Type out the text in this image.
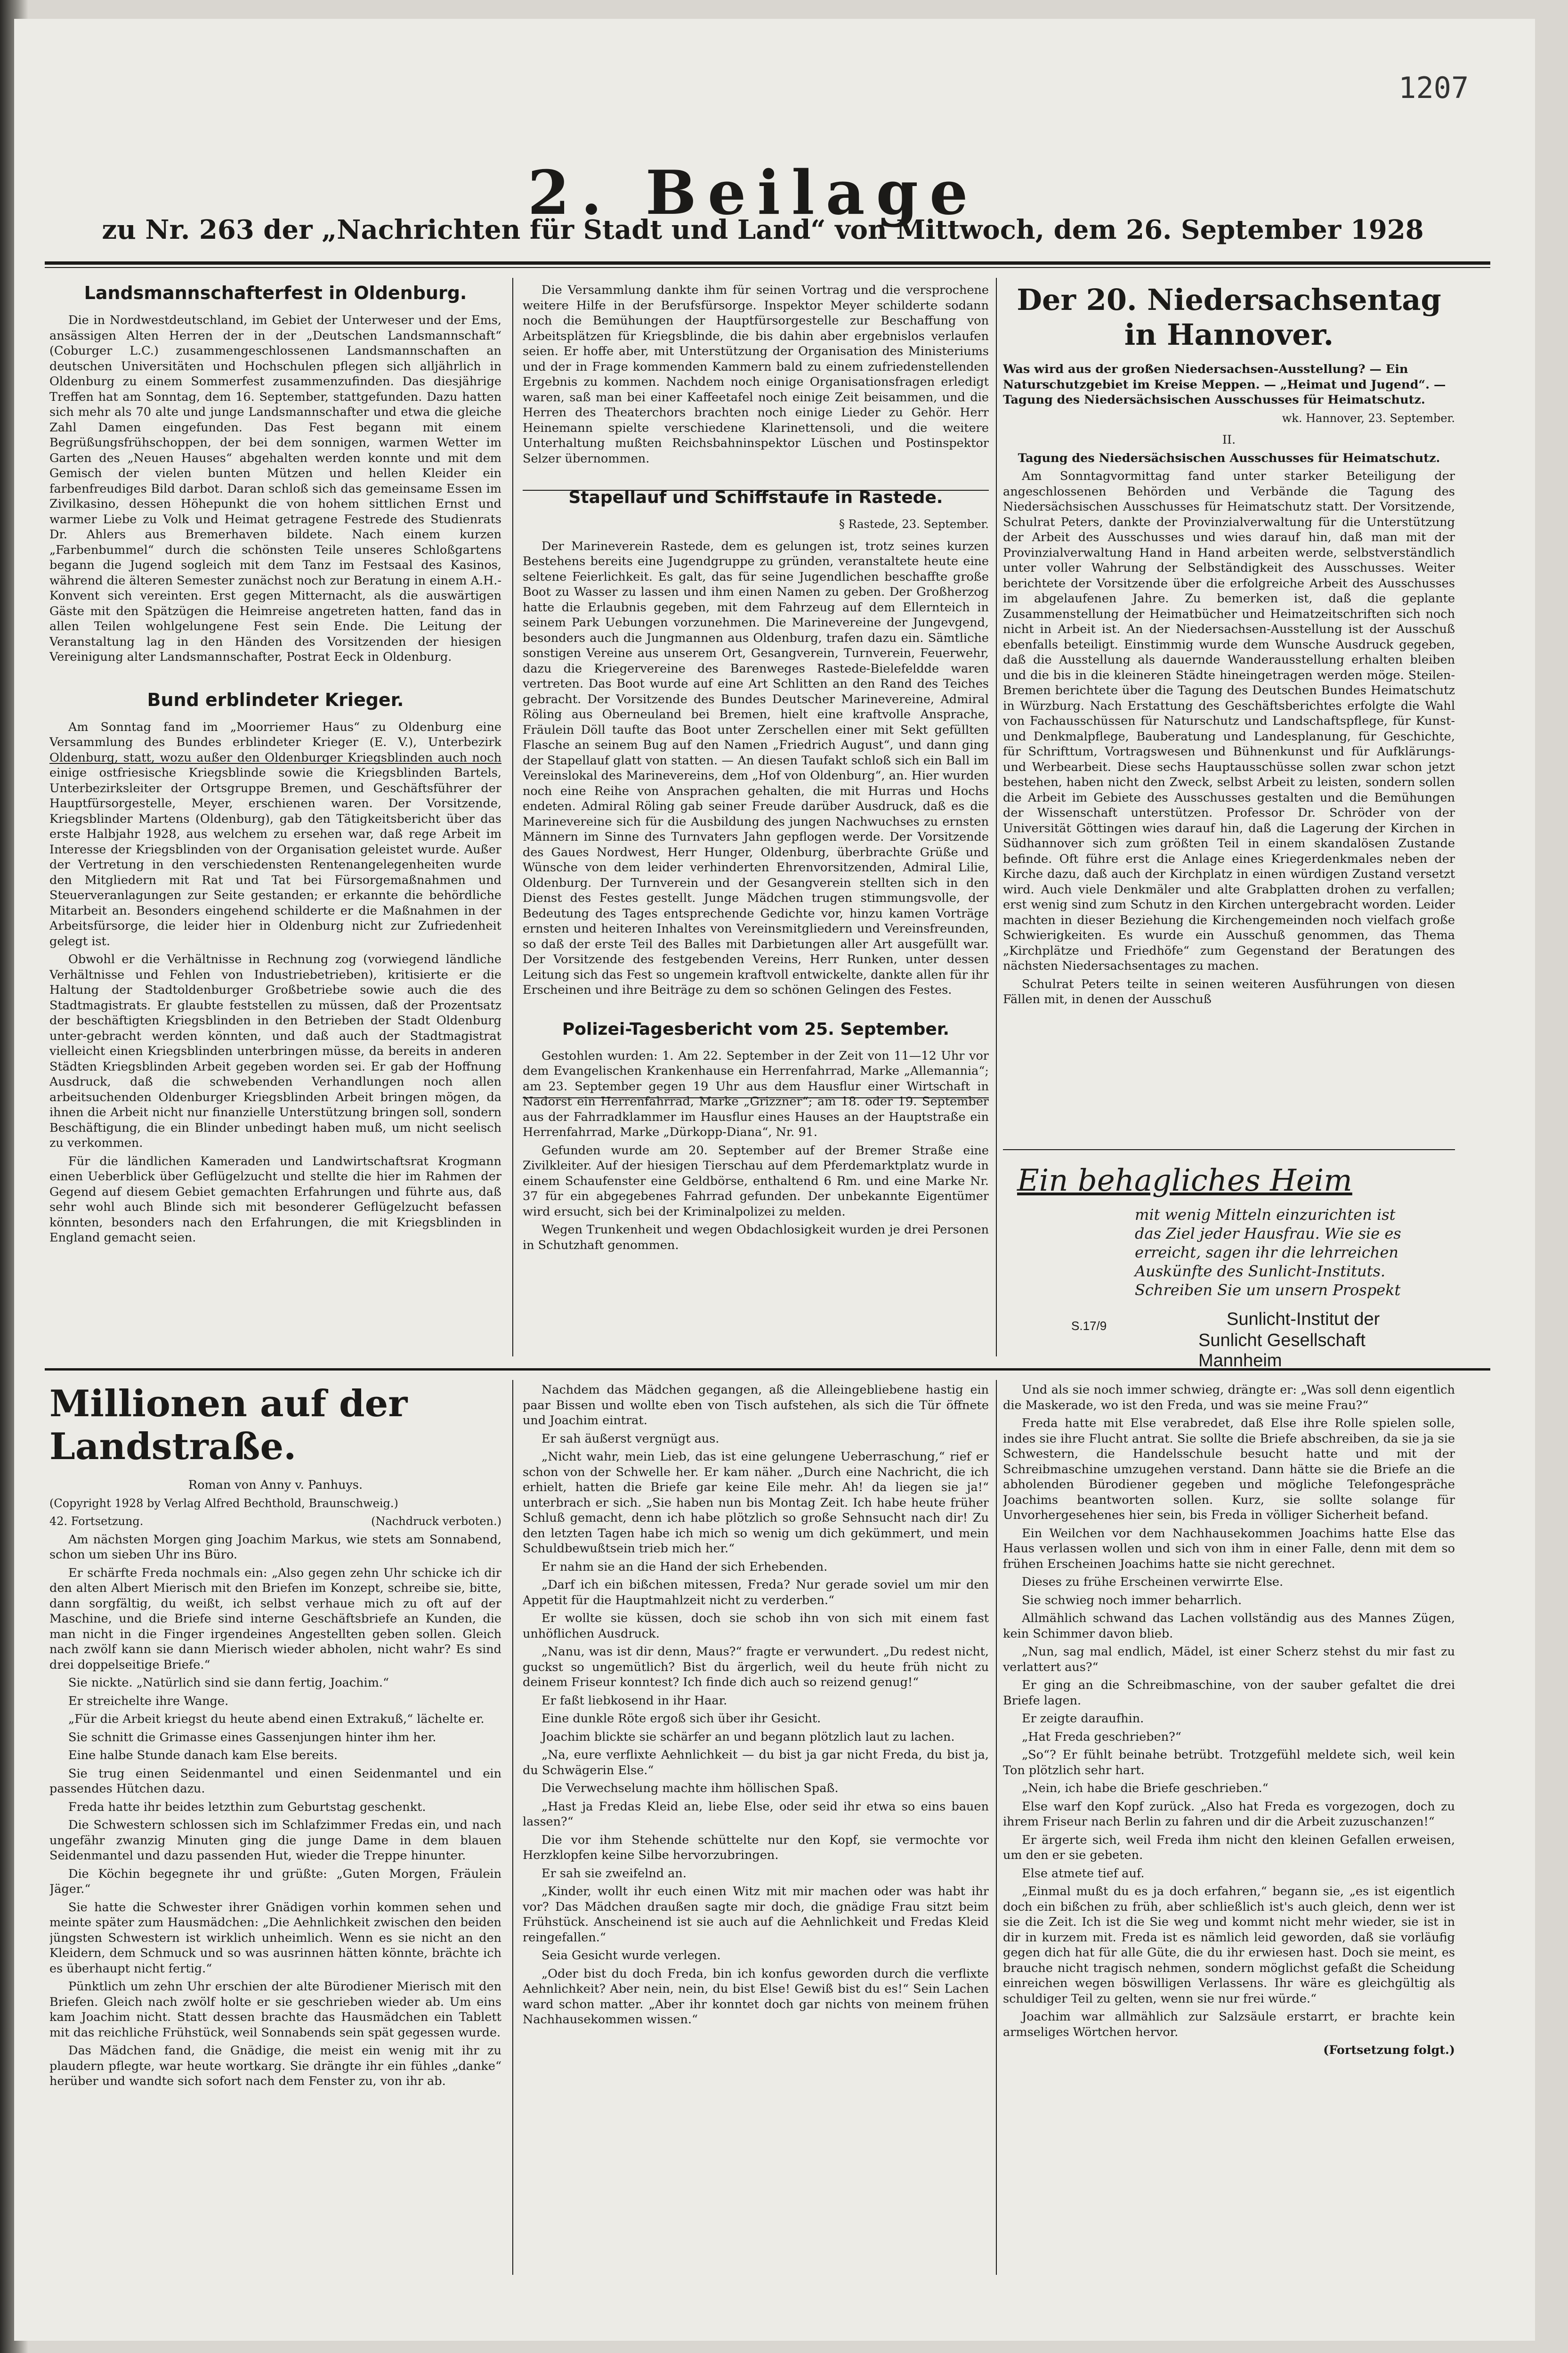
1207
2. Beilage
zu Nr. 263 der „Nachrichten für Stadt und Land“ von Mittwoch, dem 26. September 1928
Landsmannschafterfest in Oldenburg.

Die in Nordwestdeutschland, im Gebiet der Unterweser und der Ems, ansässigen Alten Herren der in der „Deutschen Landsmannschaft“ (Coburger L.C.) zusammengeschlossenen Landsmannschaften an deutschen Universitäten und Hochschulen pflegen sich alljährlich in Oldenburg zu einem Sommerfest zusammenzufinden. Das diesjährige Treffen hat am Sonntag, dem 16. September, stattgefunden. Dazu hatten sich mehr als 70 alte und junge Landsmannschafter und etwa die gleiche Zahl Damen eingefunden. Das Fest begann mit einem Begrüßungsfrühschoppen, der bei dem sonnigen, warmen Wetter im Garten des „Neuen Hauses“ abgehalten werden konnte und mit dem Gemisch der vielen bunten Mützen und hellen Kleider ein farbenfreudiges Bild darbot. Daran schloß sich das gemeinsame Essen im Zivilkasino, dessen Höhepunkt die von hohem sittlichen Ernst und warmer Liebe zu Volk und Heimat getragene Festrede des Studienrats Dr. Ahlers aus Bremerhaven bildete. Nach einem kurzen „Farbenbummel“ durch die schönsten Teile unseres Schloßgartens begann die Jugend sogleich mit dem Tanz im Festsaal des Kasinos, während die älteren Semester zunächst noch zur Beratung in einem A.H.-Konvent sich vereinten. Erst gegen Mitternacht, als die auswärtigen Gäste mit den Spätzügen die Heimreise angetreten hatten, fand das in allen Teilen wohlgelungene Fest sein Ende. Die Leitung der Veranstaltung lag in den Händen des Vorsitzenden der hiesigen Vereinigung alter Landsmannschafter, Postrat Eeck in Oldenburg.

Bund erblindeter Krieger.

Am Sonntag fand im „Moorriemer Haus“ zu Oldenburg eine Versammlung des Bundes erblindeter Krieger (E. V.), Unterbezirk Oldenburg, statt, wozu außer den Oldenburger Kriegsblinden auch noch einige ostfriesische Kriegsblinde sowie die Kriegsblinden Bartels, Unterbezirksleiter der Ortsgruppe Bremen, und Geschäftsführer der Hauptfürsorgestelle, Meyer, erschienen waren. Der Vorsitzende, Kriegsblinder Martens (Oldenburg), gab den Tätigkeitsbericht über das erste Halbjahr 1928, aus welchem zu ersehen war, daß rege Arbeit im Interesse der Kriegsblinden von der Organisation geleistet wurde. Außer der Vertretung in den verschiedensten Rentenangelegenheiten wurde den Mitgliedern mit Rat und Tat bei Fürsorgemaßnahmen und Steuerveranlagungen zur Seite gestanden; er erkannte die behördliche Mitarbeit an. Besonders eingehend schilderte er die Maßnahmen in der Arbeitsfürsorge, die leider hier in Oldenburg nicht zur Zufriedenheit gelegt ist.

Obwohl er die Verhältnisse in Rechnung zog (vorwiegend ländliche Verhältnisse und Fehlen von Industriebetrieben), kritisierte er die Haltung der Stadtoldenburger Großbetriebe sowie auch die des Stadtmagistrats. Er glaubte feststellen zu müssen, daß der Prozentsatz der beschäftigten Kriegsblinden in den Betrieben der Stadt Oldenburg unter-gebracht werden könnten, und daß auch der Stadtmagistrat vielleicht einen Kriegsblinden unterbringen müsse, da bereits in anderen Städten Kriegsblinden Arbeit gegeben worden sei. Er gab der Hoffnung Ausdruck, daß die schwebenden Verhandlungen noch allen arbeitsuchenden Oldenburger Kriegsblinden Arbeit bringen mögen, da ihnen die Arbeit nicht nur finanzielle Unterstützung bringen soll, sondern Beschäftigung, die ein Blinder unbedingt haben muß, um nicht seelisch zu verkommen.

Für die ländlichen Kameraden und Landwirtschaftsrat Krogmann einen Ueberblick über Geflügelzucht und stellte die hier im Rahmen der Gegend auf diesem Gebiet gemachten Erfahrungen und führte aus, daß sehr wohl auch Blinde sich mit besonderer Geflügelzucht befassen könnten, besonders nach den Erfahrungen, die mit Kriegsblinden in England gemacht seien.

Die Versammlung dankte ihm für seinen Vortrag und die versprochene weitere Hilfe in der Berufsfürsorge. Inspektor Meyer schilderte sodann noch die Bemühungen der Hauptfürsorgestelle zur Beschaffung von Arbeitsplätzen für Kriegsblinde, die bis dahin aber ergebnislos verlaufen seien. Er hoffe aber, mit Unterstützung der Organisation des Ministeriums und der in Frage kommenden Kammern bald zu einem zufriedenstellenden Ergebnis zu kommen. Nachdem noch einige Organisationsfragen erledigt waren, saß man bei einer Kaffeetafel noch einige Zeit beisammen, und die Herren des Theaterchors brachten noch einige Lieder zu Gehör. Herr Heinemann spielte verschiedene Klarinettensoli, und die weitere Unterhaltung mußten Reichsbahninspektor Lüschen und Postinspektor Selzer übernommen.

Stapellauf und Schiffstaufe in Rastede.

§ Rastede, 23. September.

Der Marineverein Rastede, dem es gelungen ist, trotz seines kurzen Bestehens bereits eine Jugendgruppe zu gründen, veranstaltete heute eine seltene Feierlichkeit. Es galt, das für seine Jugendlichen beschaffte große Boot zu Wasser zu lassen und ihm einen Namen zu geben. Der Großherzog hatte die Erlaubnis gegeben, mit dem Fahrzeug auf dem Ellernteich in seinem Park Uebungen vorzunehmen. Die Marinevereine der Jungevgend, besonders auch die Jungmannen aus Oldenburg, trafen dazu ein. Sämtliche sonstigen Vereine aus unserem Ort, Gesangverein, Turnverein, Feuerwehr, dazu die Kriegervereine des Barenweges Rastede-Bielefeldde waren vertreten. Das Boot wurde auf eine Art Schlitten an den Rand des Teiches gebracht. Der Vorsitzende des Bundes Deutscher Marinevereine, Admiral Röling aus Oberneuland bei Bremen, hielt eine kraftvolle Ansprache, Fräulein Döll taufte das Boot unter Zerschellen einer mit Sekt gefüllten Flasche an seinem Bug auf den Namen „Friedrich August“, und dann ging der Stapellauf glatt von statten. — An diesen Taufakt schloß sich ein Ball im Vereinslokal des Marinevereins, dem „Hof von Oldenburg“, an. Hier wurden noch eine Reihe von Ansprachen gehalten, die mit Hurras und Hochs endeten. Admiral Röling gab seiner Freude darüber Ausdruck, daß es die Marinevereine sich für die Ausbildung des jungen Nachwuchses zu ernsten Männern im Sinne des Turnvaters Jahn gepflogen werde. Der Vorsitzende des Gaues Nordwest, Herr Hunger, Oldenburg, überbrachte Grüße und Wünsche von dem leider verhinderten Ehrenvorsitzenden, Admiral Lilie, Oldenburg. Der Turnverein und der Gesangverein stellten sich in den Dienst des Festes gestellt. Junge Mädchen trugen stimmungsvolle, der Bedeutung des Tages entsprechende Gedichte vor, hinzu kamen Vorträge ernsten und heiteren Inhaltes von Vereinsmitgliedern und Vereinsfreunden, so daß der erste Teil des Balles mit Darbietungen aller Art ausgefüllt war. Der Vorsitzende des festgebenden Vereins, Herr Runken, unter dessen Leitung sich das Fest so ungemein kraftvoll entwickelte, dankte allen für ihr Erscheinen und ihre Beiträge zu dem so schönen Gelingen des Festes.

Polizei-Tagesbericht vom 25. September.

Gestohlen wurden: 1. Am 22. September in der Zeit von 11—12 Uhr vor dem Evangelischen Krankenhause ein Herrenfahrrad, Marke „Allemannia“; am 23. September gegen 19 Uhr aus dem Hausflur einer Wirtschaft in Nadorst ein Herrenfahrrad, Marke „Grizzner“; am 18. oder 19. September aus der Fahrradklammer im Hausflur eines Hauses an der Hauptstraße ein Herrenfahrrad, Marke „Dürkopp-Diana“, Nr. 91.

Gefunden wurde am 20. September auf der Bremer Straße eine Zivilkleiter. Auf der hiesigen Tierschau auf dem Pferdemarktplatz wurde in einem Schaufenster eine Geldbörse, enthaltend 6 Rm. und eine Marke Nr. 37 für ein abgegebenes Fahrrad gefunden. Der unbekannte Eigentümer wird ersucht, sich bei der Kriminalpolizei zu melden.

Wegen Trunkenheit und wegen Obdachlosigkeit wurden je drei Personen in Schutzhaft genommen.

Der 20. Niedersachsentag in Hannover.

Was wird aus der großen Niedersachsen-Ausstellung? — Ein Naturschutzgebiet im Kreise Meppen. — „Heimat und Jugend“. — Tagung des Niedersächsischen Ausschusses für Heimatschutz.

wk. Hannover, 23. September.

II.

Tagung des Niedersächsischen Ausschusses für Heimatschutz.

Am Sonntagvormittag fand unter starker Beteiligung der angeschlossenen Behörden und Verbände die Tagung des Niedersächsischen Ausschusses für Heimatschutz statt. Der Vorsitzende, Schulrat Peters, dankte der Provinzialverwaltung für die Unterstützung der Arbeit des Ausschusses und wies darauf hin, daß man mit der Provinzialverwaltung Hand in Hand arbeiten werde, selbstverständlich unter voller Wahrung der Selbständigkeit des Ausschusses. Weiter berichtete der Vorsitzende über die erfolgreiche Arbeit des Ausschusses im abgelaufenen Jahre. Zu bemerken ist, daß die geplante Zusammenstellung der Heimatbücher und Heimatzeitschriften sich noch nicht in Arbeit ist. An der Niedersachsen-Ausstellung ist der Ausschuß ebenfalls beteiligt. Einstimmig wurde dem Wunsche Ausdruck gegeben, daß die Ausstellung als dauernde Wanderausstellung erhalten bleiben und die bis in die kleineren Städte hineingetragen werden möge. Steilen-Bremen berichtete über die Tagung des Deutschen Bundes Heimatschutz in Würzburg. Nach Erstattung des Geschäftsberichtes erfolgte die Wahl von Fachausschüssen für Naturschutz und Landschaftspflege, für Kunst- und Denkmalpflege, Bauberatung und Landesplanung, für Geschichte, für Schrifttum, Vortragswesen und Bühnenkunst und für Aufklärungs- und Werbearbeit. Diese sechs Hauptausschüsse sollen zwar schon jetzt bestehen, haben nicht den Zweck, selbst Arbeit zu leisten, sondern sollen die Arbeit im Gebiete des Ausschusses gestalten und die Bemühungen der Wissenschaft unterstützen. Professor Dr. Schröder von der Universität Göttingen wies darauf hin, daß die Lagerung der Kirchen in Südhannover sich zum größten Teil in einem skandalösen Zustande befinde. Oft führe erst die Anlage eines Kriegerdenkmales neben der Kirche dazu, daß auch der Kirchplatz in einen würdigen Zustand versetzt wird. Auch viele Denkmäler und alte Grabplatten drohen zu verfallen; erst wenig sind zum Schutz in den Kirchen untergebracht worden. Leider machten in dieser Beziehung die Kirchengemeinden noch vielfach große Schwierigkeiten. Es wurde ein Ausschuß genommen, das Thema „Kirchplätze und Friedhöfe“ zum Gegenstand der Beratungen des nächsten Niedersachsentages zu machen.

Schulrat Peters teilte in seinen weiteren Ausführungen von diesen Fällen mit, in denen der Ausschuß

Ein behagliches Heim
mit wenig Mitteln einzurichten ist
das Ziel jeder Hausfrau. Wie sie es
erreicht, sagen ihr die lehrreichen
Auskünfte des Sunlicht-Instituts.
Schreiben Sie um unsern Prospekt
S.17/9	Sunlicht-Institut der
Sunlicht Gesellschaft Mannheim
Millionen auf der Landstraße.

Roman von Anny v. Panhuys.

(Copyright 1928 by Verlag Alfred Bechthold, Braunschweig.)

42. Fortsetzung.	(Nachdruck verboten.)

Am nächsten Morgen ging Joachim Markus, wie stets am Sonnabend, schon um sieben Uhr ins Büro.

Er schärfte Freda nochmals ein: „Also gegen zehn Uhr schicke ich dir den alten Albert Mierisch mit den Briefen im Konzept, schreibe sie, bitte, dann sorgfältig, du weißt, ich selbst verhaue mich zu oft auf der Maschine, und die Briefe sind interne Geschäftsbriefe an Kunden, die man nicht in die Finger irgendeines Angestellten geben sollen. Gleich nach zwölf kann sie dann Mierisch wieder abholen, nicht wahr? Es sind drei doppelseitige Briefe.“

Sie nickte. „Natürlich sind sie dann fertig, Joachim.“

Er streichelte ihre Wange.

„Für die Arbeit kriegst du heute abend einen Extrakuß,“ lächelte er.

Sie schnitt die Grimasse eines Gassenjungen hinter ihm her.

Eine halbe Stunde danach kam Else bereits.

Sie trug einen Seidenmantel und einen Seidenmantel und ein passendes Hütchen dazu.

Freda hatte ihr beides letzthin zum Geburtstag geschenkt.

Die Schwestern schlossen sich im Schlafzimmer Fredas ein, und nach ungefähr zwanzig Minuten ging die junge Dame in dem blauen Seidenmantel und dazu passenden Hut, wieder die Treppe hinunter.

Die Köchin begegnete ihr und grüßte: „Guten Morgen, Fräulein Jäger.“

Sie hatte die Schwester ihrer Gnädigen vorhin kommen sehen und meinte später zum Hausmädchen: „Die Aehnlichkeit zwischen den beiden jüngsten Schwestern ist wirklich unheimlich. Wenn es sie nicht an den Kleidern, dem Schmuck und so was ausrinnen hätten könnte, brächte ich es überhaupt nicht fertig.“

Pünktlich um zehn Uhr erschien der alte Bürodiener Mierisch mit den Briefen. Gleich nach zwölf holte er sie geschrieben wieder ab. Um eins kam Joachim nicht. Statt dessen brachte das Hausmädchen ein Tablett mit das reichliche Frühstück, weil Sonnabends sein spät gegessen wurde.

Das Mädchen fand, die Gnädige, die meist ein wenig mit ihr zu plaudern pflegte, war heute wortkarg. Sie drängte ihr ein fühles „danke“ herüber und wandte sich sofort nach dem Fenster zu, von ihr ab.

Nachdem das Mädchen gegangen, aß die Alleingebliebene hastig ein paar Bissen und wollte eben von Tisch aufstehen, als sich die Tür öffnete und Joachim eintrat.

Er sah äußerst vergnügt aus.

„Nicht wahr, mein Lieb, das ist eine gelungene Ueberraschung,“ rief er schon von der Schwelle her. Er kam näher. „Durch eine Nachricht, die ich erhielt, hatten die Briefe gar keine Eile mehr. Ah! da liegen sie ja!“ unterbrach er sich. „Sie haben nun bis Montag Zeit. Ich habe heute früher Schluß gemacht, denn ich habe plötzlich so große Sehnsucht nach dir! Zu den letzten Tagen habe ich mich so wenig um dich gekümmert, und mein Schuldbewußtsein trieb mich her.“

Er nahm sie an die Hand der sich Erhebenden.

„Darf ich ein bißchen mitessen, Freda? Nur gerade soviel um mir den Appetit für die Hauptmahlzeit nicht zu verderben.“

Er wollte sie küssen, doch sie schob ihn von sich mit einem fast unhöflichen Ausdruck.

„Nanu, was ist dir denn, Maus?“ fragte er verwundert. „Du redest nicht, guckst so ungemütlich? Bist du ärgerlich, weil du heute früh nicht zu deinem Friseur konntest? Ich finde dich auch so reizend genug!“

Er faßt liebkosend in ihr Haar.

Eine dunkle Röte ergoß sich über ihr Gesicht.

Joachim blickte sie schärfer an und begann plötzlich laut zu lachen.

„Na, eure verflixte Aehnlichkeit — du bist ja gar nicht Freda, du bist ja, du Schwägerin Else.“

Die Verwechselung machte ihm höllischen Spaß.

„Hast ja Fredas Kleid an, liebe Else, oder seid ihr etwa so eins bauen lassen?“

Die vor ihm Stehende schüttelte nur den Kopf, sie vermochte vor Herzklopfen keine Silbe hervorzubringen.

Er sah sie zweifelnd an.

„Kinder, wollt ihr euch einen Witz mit mir machen oder was habt ihr vor? Das Mädchen draußen sagte mir doch, die gnädige Frau sitzt beim Frühstück. Anscheinend ist sie auch auf die Aehnlichkeit und Fredas Kleid reingefallen.“

Seia Gesicht wurde verlegen.

„Oder bist du doch Freda, bin ich konfus geworden durch die verflixte Aehnlichkeit? Aber nein, nein, du bist Else! Gewiß bist du es!“ Sein Lachen ward schon matter. „Aber ihr konntet doch gar nichts von meinem frühen Nachhausekommen wissen.“

Und als sie noch immer schwieg, drängte er: „Was soll denn eigentlich die Maskerade, wo ist den Freda, und was sie meine Frau?“

Freda hatte mit Else verabredet, daß Else ihre Rolle spielen solle, indes sie ihre Flucht antrat. Sie sollte die Briefe abschreiben, da sie ja sie Schwestern, die Handelsschule besucht hatte und mit der Schreibmaschine umzugehen verstand. Dann hätte sie die Briefe an die abholenden Bürodiener gegeben und mögliche Telefongespräche Joachims beantworten sollen. Kurz, sie sollte solange für Unvorhergesehenes hier sein, bis Freda in völliger Sicherheit befand.

Ein Weilchen vor dem Nachhausekommen Joachims hatte Else das Haus verlassen wollen und sich von ihm in einer Falle, denn mit dem so frühen Erscheinen Joachims hatte sie nicht gerechnet.

Dieses zu frühe Erscheinen verwirrte Else.

Sie schwieg noch immer beharrlich.

Allmählich schwand das Lachen vollständig aus des Mannes Zügen, kein Schimmer davon blieb.

„Nun, sag mal endlich, Mädel, ist einer Scherz stehst du mir fast zu verlattert aus?“

Er ging an die Schreibmaschine, von der sauber gefaltet die drei Briefe lagen.

Er zeigte daraufhin.

„Hat Freda geschrieben?“

„So“? Er fühlt beinahe betrübt. Trotzgefühl meldete sich, weil kein Ton plötzlich sehr hart.

„Nein, ich habe die Briefe geschrieben.“

Else warf den Kopf zurück. „Also hat Freda es vorgezogen, doch zu ihrem Friseur nach Berlin zu fahren und dir die Arbeit zuzuschanzen!“

Er ärgerte sich, weil Freda ihm nicht den kleinen Gefallen erweisen, um den er sie gebeten.

Else atmete tief auf.

„Einmal mußt du es ja doch erfahren,“ begann sie, „es ist eigentlich doch ein bißchen zu früh, aber schließlich ist's auch gleich, denn wer ist sie die Zeit. Ich ist die Sie weg und kommt nicht mehr wieder, sie ist in dir in kurzem mit. Freda ist es nämlich leid geworden, daß sie vorläufig gegen dich hat für alle Güte, die du ihr erwiesen hast. Doch sie meint, es brauche nicht tragisch nehmen, sondern möglichst gefaßt die Scheidung einreichen wegen böswilligen Verlassens. Ihr wäre es gleichgültig als schuldiger Teil zu gelten, wenn sie nur frei würde.“

Joachim war allmählich zur Salzsäule erstarrt, er brachte kein armseliges Wörtchen hervor.

(Fortsetzung folgt.)
